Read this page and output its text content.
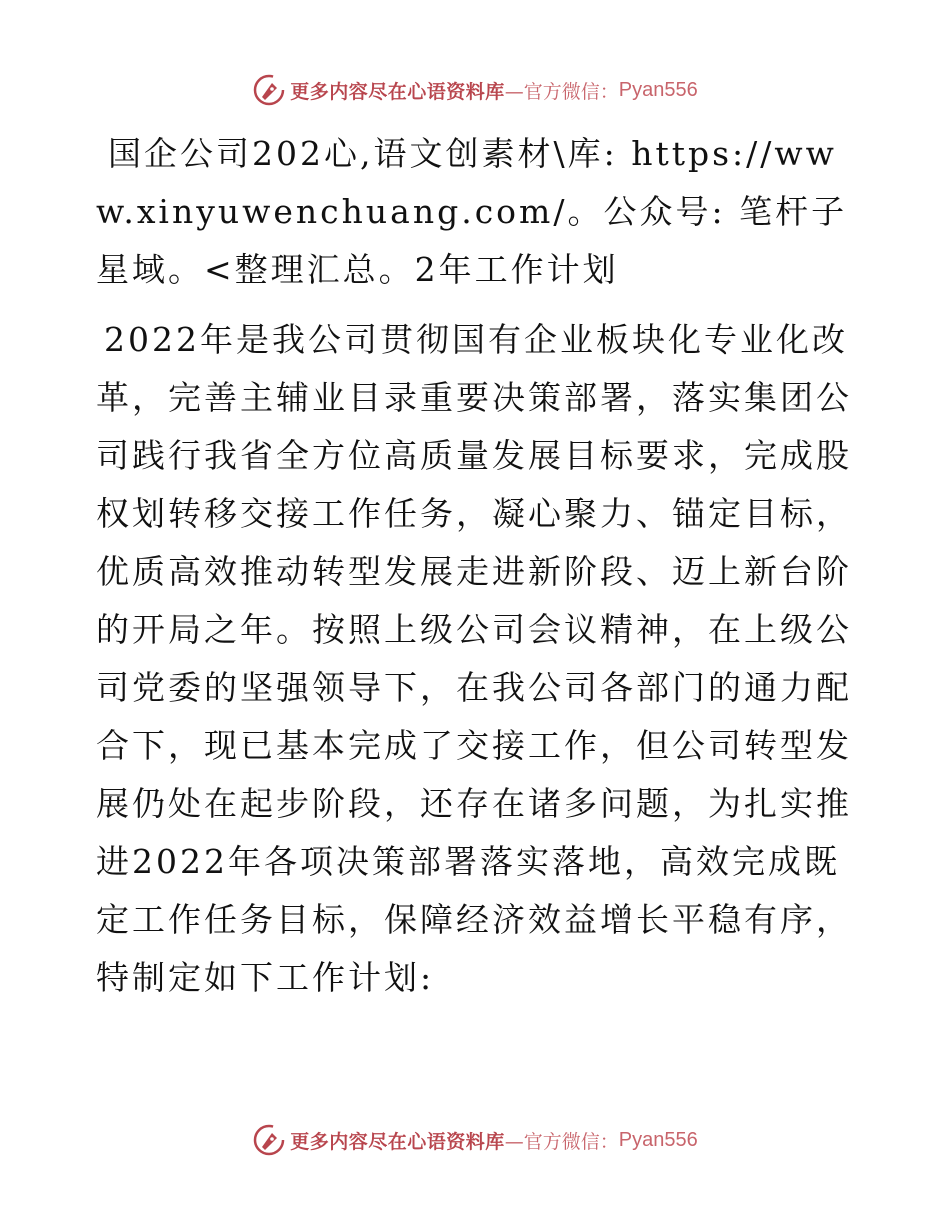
更多内容尽在心语资料库 —官方微信： Pyan556

国企公司202心,语文创素材\库: https://www.xinyuwenchuang.com/。公众号: 笔杆子星域。<整理汇总。2年工作计划

2022年是我公司贯彻国有企业板块化专业化改革，完善主辅业目录重要决策部署，落实集团公司践行我省全方位高质量发展目标要求，完成股权划转移交接工作任务，凝心聚力、锚定目标，优质高效推动转型发展走进新阶段、迈上新台阶的开局之年。按照上级公司会议精神，在上级公司党委的坚强领导下，在我公司各部门的通力配合下，现已基本完成了交接工作，但公司转型发展仍处在起步阶段，还存在诸多问题，为扎实推进2022年各项决策部署落实落地，高效完成既定工作任务目标，保障经济效益增长平稳有序，特制定如下工作计划:

更多内容尽在心语资料库 —官方微信： Pyan556
